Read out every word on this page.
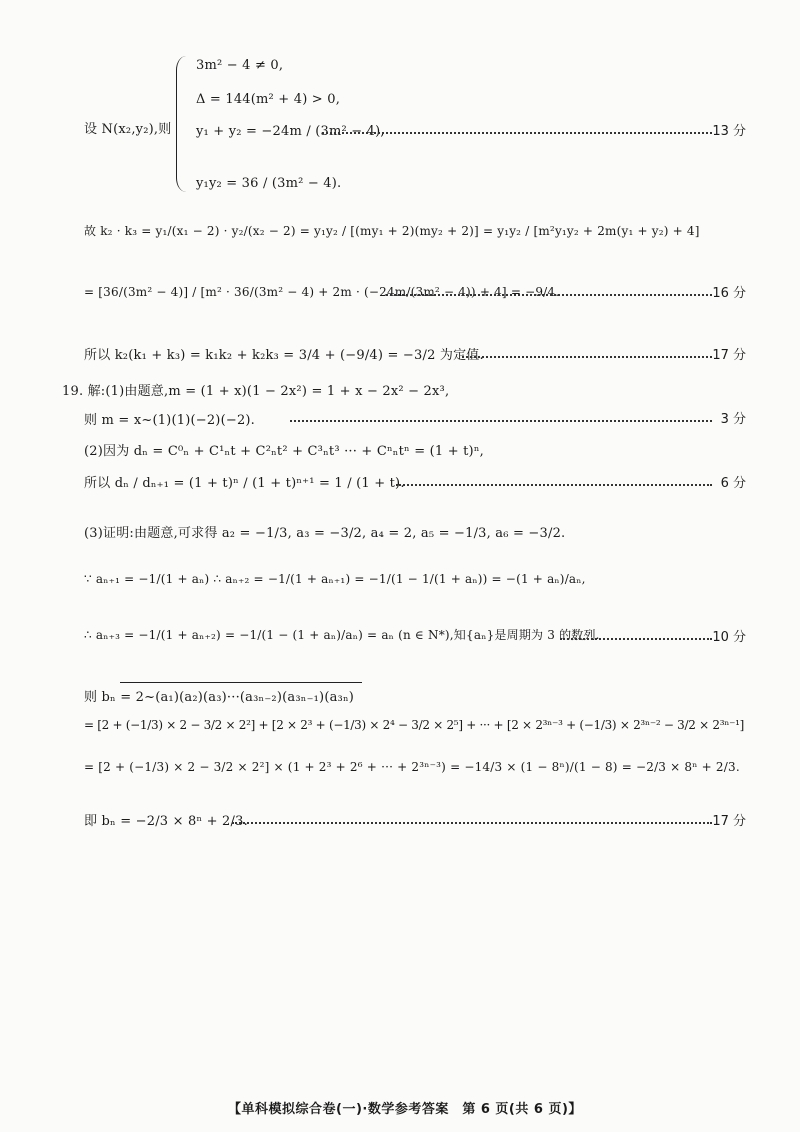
设 N(x₂,y₂),则
3m² − 4 ≠ 0,
Δ = 144(m² + 4) > 0,
y₁ + y₂ = −24m / (3m² − 4),
y₁y₂ = 36 / (3m² − 4).
13 分
故 k₂ · k₃ = y₁/(x₁ − 2) · y₂/(x₂ − 2) = y₁y₂ / [(my₁ + 2)(my₂ + 2)] = y₁y₂ / [m²y₁y₂ + 2m(y₁ + y₂) + 4]
= [36/(3m² − 4)] / [m² · 36/(3m² − 4) + 2m · (−24m/(3m² − 4)) + 4] = −9/4.	16 分
所以 k₂(k₁ + k₃) = k₁k₂ + k₂k₃ = 3/4 + (−9/4) = −3/2 为定值.	17 分
19. 解:(1)由题意,m = (1 + x)(1 − 2x²) = 1 + x − 2x² − 2x³,
则 m = x~(1)(1)(−2)(−2).	3 分
(2)因为 dₙ = C⁰ₙ + C¹ₙt + C²ₙt² + C³ₙt³ ··· + Cⁿₙtⁿ = (1 + t)ⁿ,
所以 dₙ / dₙ₊₁ = (1 + t)ⁿ / (1 + t)ⁿ⁺¹ = 1 / (1 + t).	6 分
(3)证明:由题意,可求得 a₂ = −1/3, a₃ = −3/2, a₄ = 2, a₅ = −1/3, a₆ = −3/2.
∵ aₙ₊₁ = −1/(1 + aₙ) ∴ aₙ₊₂ = −1/(1 + aₙ₊₁) = −1/(1 − 1/(1 + aₙ)) = −(1 + aₙ)/aₙ,
∴ aₙ₊₃ = −1/(1 + aₙ₊₂) = −1/(1 − (1 + aₙ)/aₙ) = aₙ (n ∈ N*),知{aₙ}是周期为 3 的数列.	10 分
则 bₙ = 2~(a₁)(a₂)(a₃)···(a₃ₙ₋₂)(a₃ₙ₋₁)(a₃ₙ)
= [2 + (−1/3) × 2 − 3/2 × 2²] + [2 × 2³ + (−1/3) × 2⁴ − 3/2 × 2⁵] + ··· + [2 × 2³ⁿ⁻³ + (−1/3) × 2³ⁿ⁻² − 3/2 × 2³ⁿ⁻¹]
= [2 + (−1/3) × 2 − 3/2 × 2²] × (1 + 2³ + 2⁶ + ··· + 2³ⁿ⁻³) = −14/3 × (1 − 8ⁿ)/(1 − 8) = −2/3 × 8ⁿ + 2/3.
即 bₙ = −2/3 × 8ⁿ + 2/3.	17 分
【单科模拟综合卷(一)·数学参考答案　第 6 页(共 6 页)】
